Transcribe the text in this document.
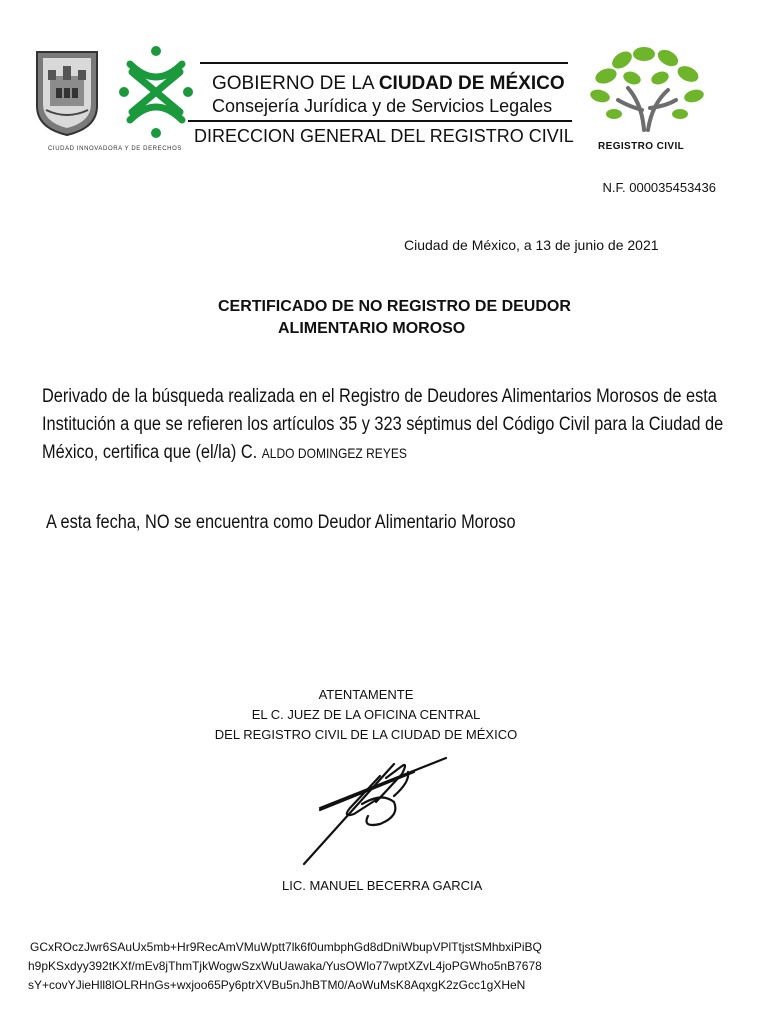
CIUDAD INNOVADORA Y DE DERECHOS
GOBIERNO DE LA CIUDAD DE MÉXICO
Consejería Jurídica y de Servicios Legales
DIRECCION GENERAL DEL REGISTRO CIVIL
REGISTRO CIVIL
N.F. 000035453436
Ciudad de México, a 13 de junio de 2021
CERTIFICADO DE NO REGISTRO DE DEUDOR
ALIMENTARIO MOROSO
Derivado de la búsqueda realizada en el Registro de Deudores Alimentarios Morosos de esta Institución a que se refieren los artículos 35 y 323 séptimus del Código Civil para la Ciudad de México, certifica que (el/la) C. ALDO DOMINGEZ REYES
A esta fecha, NO se encuentra como Deudor Alimentario Moroso
ATENTAMENTE
EL C. JUEZ DE LA OFICINA CENTRAL
DEL REGISTRO CIVIL DE LA CIUDAD DE MÉXICO
LIC. MANUEL BECERRA GARCIA
GCxROczJwr6SAuUx5mb+Hr9RecAmVMuWptt7lk6f0umbphGd8dDniWbupVPlTtjstSMhbxiPiBQ
h9pKSxdyy392tKXf/mEv8jThmTjkWogwSzxWuUawaka/YusOWlo77wptXZvL4joPGWho5nB7678
sY+covYJieHll8lOLRHnGs+wxjoo65Py6ptrXVBu5nJhBTM0/AoWuMsK8AqxgK2zGcc1gXHeN
